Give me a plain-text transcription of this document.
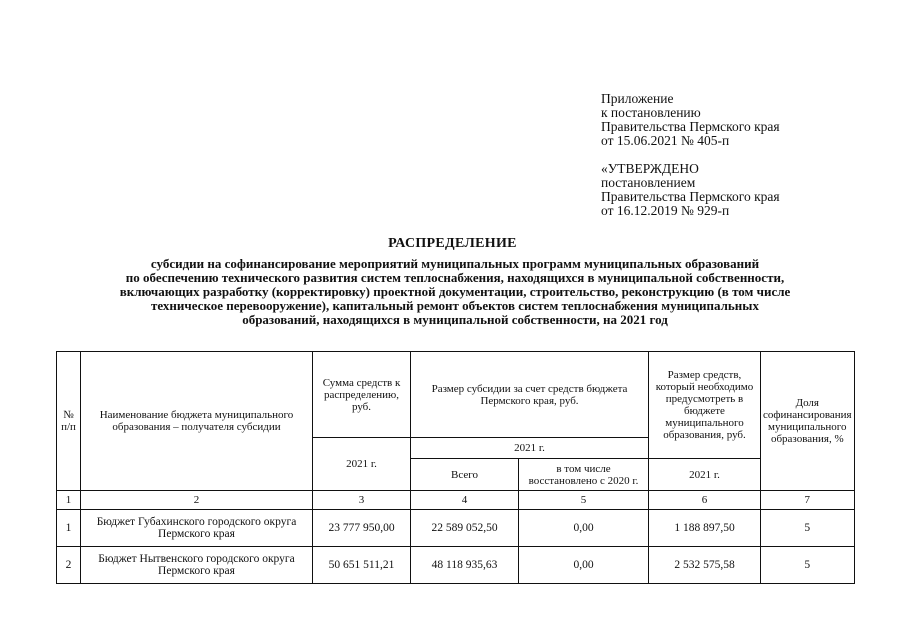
Приложение
к постановлению
Правительства Пермского края
от 15.06.2021 № 405-п
«УТВЕРЖДЕНО
постановлением
Правительства Пермского края
от 16.12.2019 № 929-п
РАСПРЕДЕЛЕНИЕ
субсидии на софинансирование мероприятий муниципальных программ муниципальных образований
по обеспечению технического развития систем теплоснабжения, находящихся в муниципальной собственности,
включающих разработку (корректировку) проектной документации, строительство, реконструкцию (в том числе
техническое перевооружение), капитальный ремонт объектов систем теплоснабжения муниципальных
образований, находящихся в муниципальной собственности, на 2021 год
№ п/п	Наименование бюджета муниципального образования – получателя субсидии	Сумма средств к распределению, руб.	Размер субсидии за счет средств бюджета Пермского края, руб.		Размер средств, который необходимо предусмотреть в бюджете муниципального образования, руб.	Доля софинансирования муниципального образования, %
		2021 г.	2021 г.			
			Всего	в том числе восстановлено с 2020 г.	2021 г.	
1	2	3	4	5	6	7
1	Бюджет Губахинского городского округа Пермского края	23 777 950,00	22 589 052,50	0,00	1 188 897,50	5
2	Бюджет Нытвенского городского округа Пермского края	50 651 511,21	48 118 935,63	0,00	2 532 575,58	5
